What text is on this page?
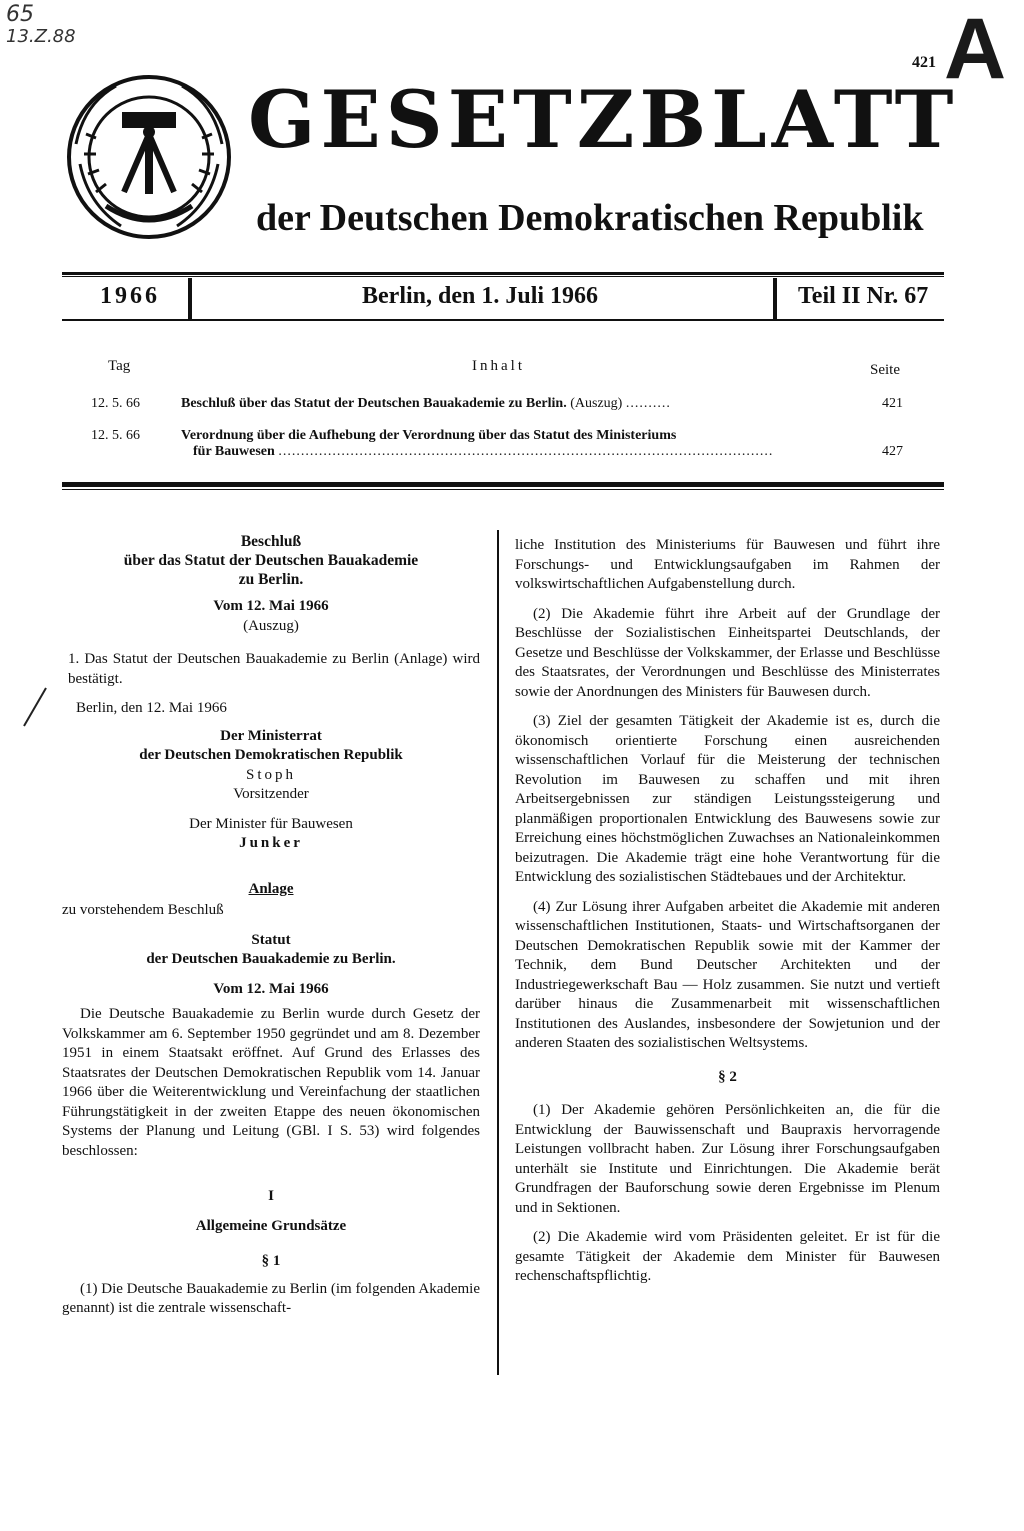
65
13.Z.88
421 A
GESETZBLATT
der Deutschen Demokratischen Republik
1966	Berlin, den 1. Juli 1966	Teil II Nr. 67
Tag	Inhalt	Seite
12. 5. 66	Beschluß über das Statut der Deutschen Bauakademie zu Berlin. (Auszug) ..........	421
12. 5. 66	Verordnung über die Aufhebung der Verordnung über das Statut des Ministeriums
für Bauwesen ..............................................................................................................	427

Beschluß
über das Statut der Deutschen Bauakademie
zu Berlin.

Vom 12. Mai 1966

(Auszug)

1. Das Statut der Deutschen Bauakademie zu Berlin (Anlage) wird bestätigt.

Berlin, den 12. Mai 1966

Der Ministerrat
der Deutschen Demokratischen Republik

Stoph

Vorsitzender

Der Minister für Bauwesen

Junker

Anlage

zu vorstehendem Beschluß

Statut
der Deutschen Bauakademie zu Berlin.

Vom 12. Mai 1966

Die Deutsche Bauakademie zu Berlin wurde durch Gesetz der Volkskammer am 6. September 1950 gegründet und am 8. Dezember 1951 in einem Staatsakt eröffnet. Auf Grund des Erlasses des Staatsrates der Deutschen Demokratischen Republik vom 14. Januar 1966 über die Weiterentwicklung und Vereinfachung der staatlichen Führungstätigkeit in der zweiten Etappe des neuen ökonomischen Systems der Planung und Leitung (GBl. I S. 53) wird folgendes beschlossen:

I

Allgemeine Grundsätze

§ 1

(1) Die Deutsche Bauakademie zu Berlin (im folgenden Akademie genannt) ist die zentrale wissenschaft-

liche Institution des Ministeriums für Bauwesen und führt ihre Forschungs- und Entwicklungsaufgaben im Rahmen der volkswirtschaftlichen Aufgabenstellung durch.

(2) Die Akademie führt ihre Arbeit auf der Grundlage der Beschlüsse der Sozialistischen Einheitspartei Deutschlands, der Gesetze und Beschlüsse der Volkskammer, der Erlasse und Beschlüsse des Staatsrates, der Verordnungen und Beschlüsse des Ministerrates sowie der Anordnungen des Ministers für Bauwesen durch.

(3) Ziel der gesamten Tätigkeit der Akademie ist es, durch die ökonomisch orientierte Forschung einen ausreichenden wissenschaftlichen Vorlauf für die Meisterung der technischen Revolution im Bauwesen zu schaffen und mit ihren Arbeitsergebnissen zur ständigen Leistungssteigerung und planmäßigen proportionalen Entwicklung des Bauwesens sowie zur Erreichung eines höchstmöglichen Zuwachses an Nationaleinkommen beizutragen. Die Akademie trägt eine hohe Verantwortung für die Entwicklung des sozialistischen Städtebaues und der Architektur.

(4) Zur Lösung ihrer Aufgaben arbeitet die Akademie mit anderen wissenschaftlichen Institutionen, Staats- und Wirtschaftsorganen der Deutschen Demokratischen Republik sowie mit der Kammer der Technik, dem Bund Deutscher Architekten und der Industriegewerkschaft Bau — Holz zusammen. Sie nutzt und vertieft darüber hinaus die Zusammenarbeit mit wissenschaftlichen Institutionen des Auslandes, insbesondere der Sowjetunion und der anderen Staaten des sozialistischen Weltsystems.

§ 2

(1) Der Akademie gehören Persönlichkeiten an, die für die Entwicklung der Bauwissenschaft und Baupraxis hervorragende Leistungen vollbracht haben. Zur Lösung ihrer Forschungsaufgaben unterhält sie Institute und Einrichtungen. Die Akademie berät Grundfragen der Bauforschung sowie deren Ergebnisse im Plenum und in Sektionen.

(2) Die Akademie wird vom Präsidenten geleitet. Er ist für die gesamte Tätigkeit der Akademie dem Minister für Bauwesen rechenschaftspflichtig.
